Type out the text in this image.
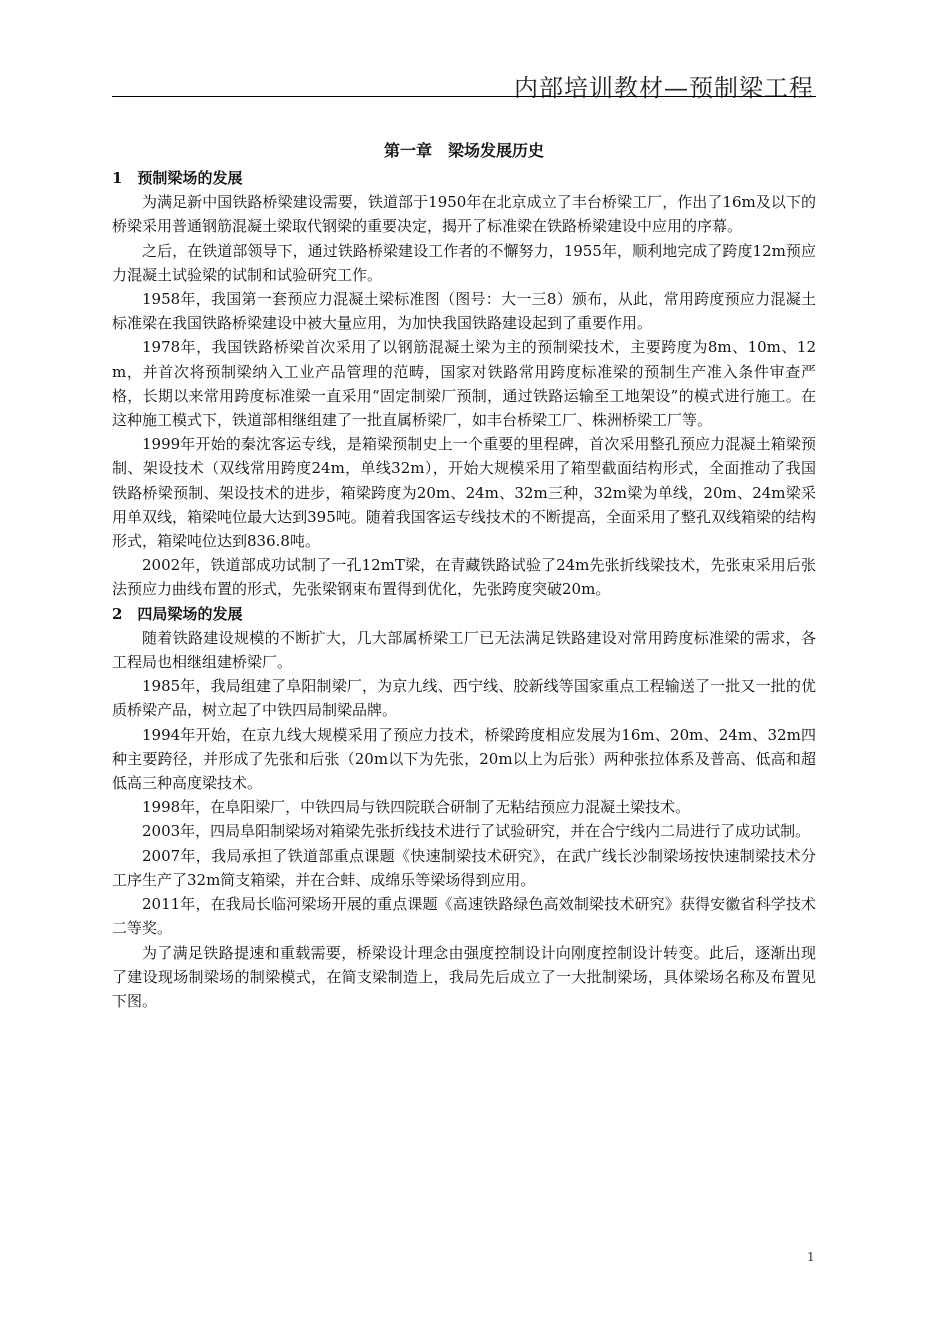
内部培训教材—预制梁工程
第一章　梁场发展历史

1　预制梁场的发展

为满足新中国铁路桥梁建设需要，铁道部于1950年在北京成立了丰台桥梁工厂，作出了16m及以下的桥梁采用普通钢筋混凝土梁取代钢梁的重要决定，揭开了标准梁在铁路桥梁建设中应用的序幕。

之后，在铁道部领导下，通过铁路桥梁建设工作者的不懈努力，1955年，顺利地完成了跨度12m预应力混凝土试验梁的试制和试验研究工作。

1958年，我国第一套预应力混凝土梁标准图（图号：大一三8）颁布，从此，常用跨度预应力混凝土标准梁在我国铁路桥梁建设中被大量应用，为加快我国铁路建设起到了重要作用。

1978年，我国铁路桥梁首次采用了以钢筋混凝土梁为主的预制梁技术，主要跨度为8m、10m、12m，并首次将预制梁纳入工业产品管理的范畴，国家对铁路常用跨度标准梁的预制生产准入条件审查严格，长期以来常用跨度标准梁一直采用“固定制梁厂预制，通过铁路运输至工地架设”的模式进行施工。在这种施工模式下，铁道部相继组建了一批直属桥梁厂，如丰台桥梁工厂、株洲桥梁工厂等。

1999年开始的秦沈客运专线，是箱梁预制史上一个重要的里程碑，首次采用整孔预应力混凝土箱梁预制、架设技术（双线常用跨度24m，单线32m），开始大规模采用了箱型截面结构形式，全面推动了我国铁路桥梁预制、架设技术的进步，箱梁跨度为20m、24m、32m三种，32m梁为单线，20m、24m梁采用单双线，箱梁吨位最大达到395吨。随着我国客运专线技术的不断提高，全面采用了整孔双线箱梁的结构形式，箱梁吨位达到836.8吨。

2002年，铁道部成功试制了一孔12mT梁，在青藏铁路试验了24m先张折线梁技术，先张束采用后张法预应力曲线布置的形式，先张梁钢束布置得到优化，先张跨度突破20m。

2　四局梁场的发展

随着铁路建设规模的不断扩大，几大部属桥梁工厂已无法满足铁路建设对常用跨度标准梁的需求，各工程局也相继组建桥梁厂。

1985年，我局组建了阜阳制梁厂，为京九线、西宁线、胶新线等国家重点工程输送了一批又一批的优质桥梁产品，树立起了中铁四局制梁品牌。

1994年开始，在京九线大规模采用了预应力技术，桥梁跨度相应发展为16m、20m、24m、32m四种主要跨径，并形成了先张和后张（20m以下为先张，20m以上为后张）两种张拉体系及普高、低高和超低高三种高度梁技术。

1998年，在阜阳梁厂，中铁四局与铁四院联合研制了无粘结预应力混凝土梁技术。

2003年，四局阜阳制梁场对箱梁先张折线技术进行了试验研究，并在合宁线内二局进行了成功试制。

2007年，我局承担了铁道部重点课题《快速制梁技术研究》，在武广线长沙制梁场按快速制梁技术分工序生产了32m简支箱梁，并在合蚌、成绵乐等梁场得到应用。

2011年，在我局长临河梁场开展的重点课题《高速铁路绿色高效制梁技术研究》获得安徽省科学技术二等奖。

为了满足铁路提速和重载需要，桥梁设计理念由强度控制设计向刚度控制设计转变。此后，逐渐出现了建设现场制梁场的制梁模式，在简支梁制造上，我局先后成立了一大批制梁场，具体梁场名称及布置见下图。

1
